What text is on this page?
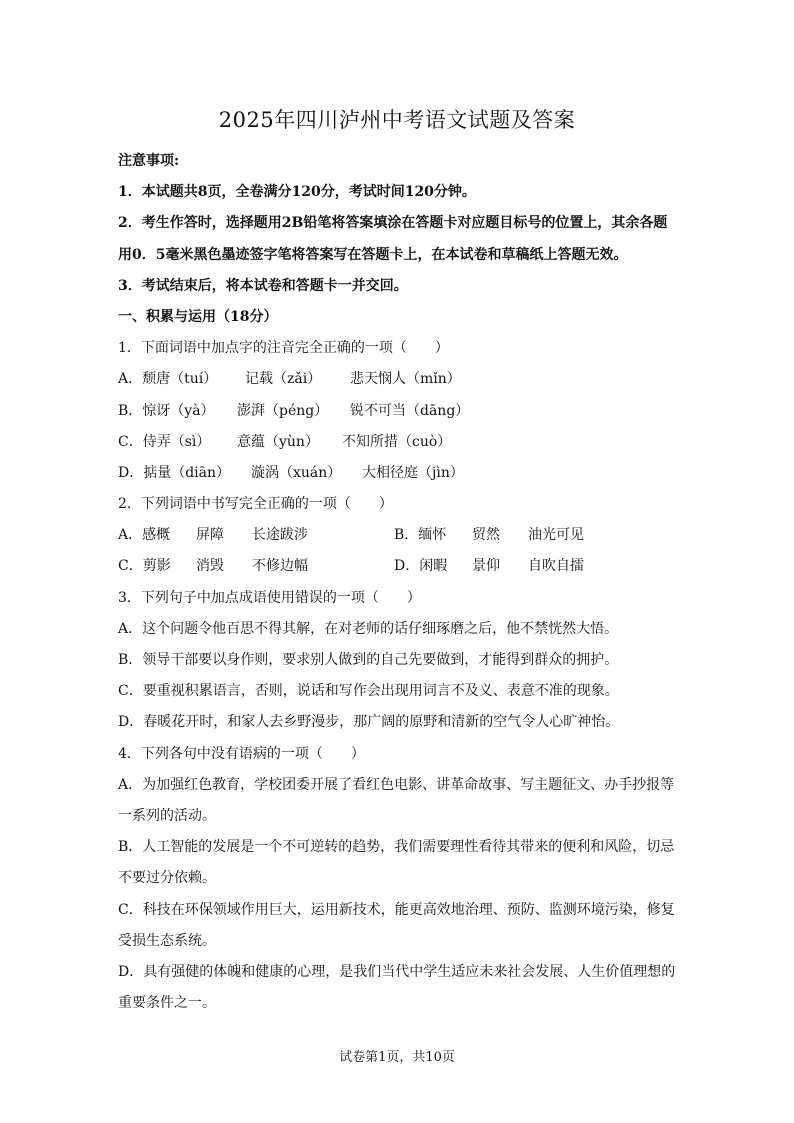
2025年四川泸州中考语文试题及答案
注意事项:
1．本试题共8页，全卷满分120分，考试时间120分钟。
2．考生作答时，选择题用2B铅笔将答案填涂在答题卡对应题目标号的位置上，其余各题
用0．5毫米黑色墨迹签字笔将答案写在答题卡上，在本试卷和草稿纸上答题无效。
3．考试结束后，将本试卷和答题卡一并交回。
一、积累与运用（18分）
1．下面词语中加点字的注音完全正确的一项（　　）
A．颓唐（tuí） 记载（zǎi） 悲天悯人（mǐn）
B．惊讶（yà） 澎湃（péng） 锐不可当（dāng）
C．侍弄（sì） 意蕴（yùn） 不知所措（cuò）
D．掂量（diān） 漩涡（xuán） 大相径庭（jìn）
2．下列词语中书写完全正确的一项（　　）
A．感概 屏障 长途跋涉	B．缅怀 贸然 油光可见
C．剪影 消毁 不修边幅	D．闲暇 景仰 自吹自擂
3．下列句子中加点成语使用错误的一项（　　）
A．这个问题令他百思不得其解，在对老师的话仔细琢磨之后，他不禁恍然大悟。
B．领导干部要以身作则，要求别人做到的自己先要做到，才能得到群众的拥护。
C．要重视积累语言，否则，说话和写作会出现用词言不及义、表意不准的现象。
D．春暖花开时，和家人去乡野漫步，那广阔的原野和清新的空气令人心旷神怡。
4．下列各句中没有语病的一项（　　）
A．为加强红色教育，学校团委开展了看红色电影、讲革命故事、写主题征文、办手抄报等
一系列的活动。
B．人工智能的发展是一个不可逆转的趋势，我们需要理性看待其带来的便利和风险，切忌
不要过分依赖。
C．科技在环保领域作用巨大，运用新技术，能更高效地治理、预防、监测环境污染，修复
受损生态系统。
D．具有强健的体魄和健康的心理，是我们当代中学生适应未来社会发展、人生价值理想的
重要条件之一。
试卷第1页，共10页
